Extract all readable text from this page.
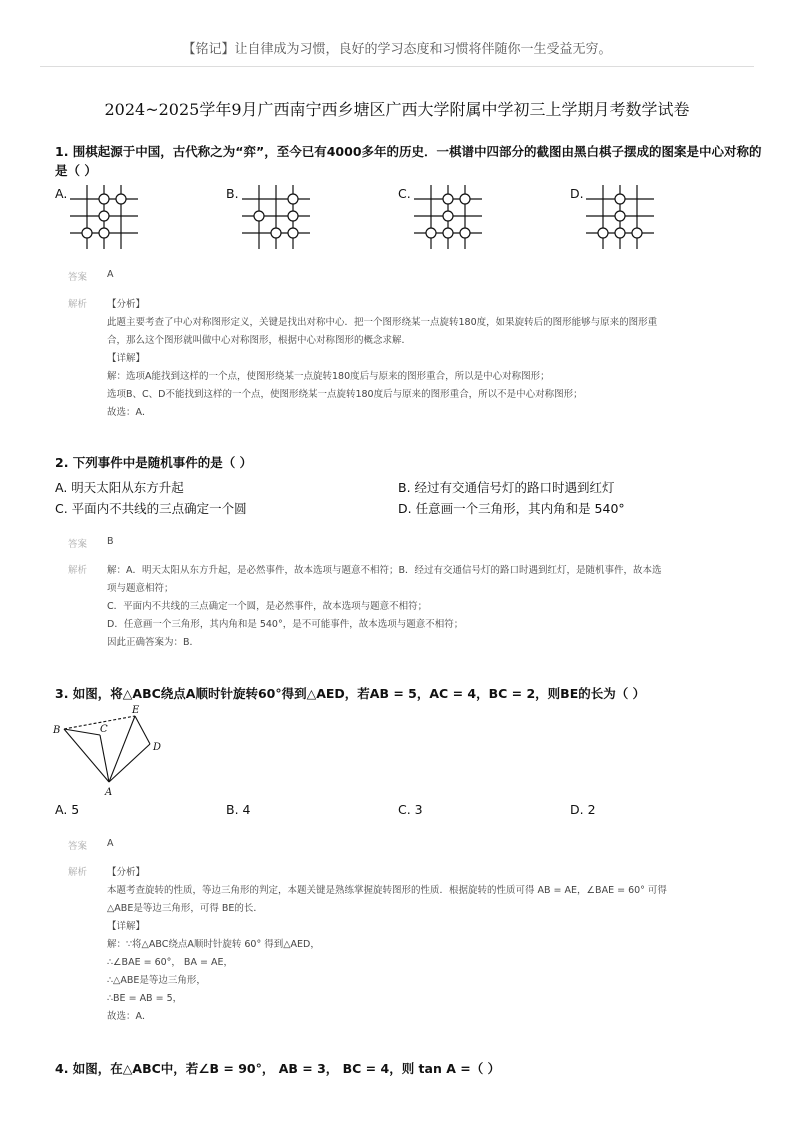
【铭记】让自律成为习惯，良好的学习态度和习惯将伴随你一生受益无穷。
2024~2025学年9月广西南宁西乡塘区广西大学附属中学初三上学期月考数学试卷
1. 围棋起源于中国，古代称之为“弈”，至今已有4000多年的历史．一棋谱中四部分的截图由黑白棋子摆成的图案是中心对称的
是（ ）
A.	B.	C.	D.
答案 A
解析 【分析】
此题主要考查了中心对称图形定义，关键是找出对称中心．把一个图形绕某一点旋转180度，如果旋转后的图形能够与原来的图形重
合，那么这个图形就叫做中心对称图形，根据中心对称图形的概念求解．
【详解】
解：选项A能找到这样的一个点，使图形绕某一点旋转180度后与原来的图形重合，所以是中心对称图形；
选项B、C、D不能找到这样的一个点，使图形绕某一点旋转180度后与原来的图形重合，所以不是中心对称图形；
故选：A．
2. 下列事件中是随机事件的是（ ）
A. 明天太阳从东方升起	B. 经过有交通信号灯的路口时遇到红灯
C. 平面内不共线的三点确定一个圆	D. 任意画一个三角形，其内角和是 540°
答案 B
解析 解：A．明天太阳从东方升起，是必然事件，故本选项与题意不相符；B．经过有交通信号灯的路口时遇到红灯，是随机事件，故本选
项与题意相符；
C．平面内不共线的三点确定一个圆，是必然事件，故本选项与题意不相符；
D．任意画一个三角形，其内角和是 540°，是不可能事件，故本选项与题意不相符；
因此正确答案为：B．
3. 如图，将△ABC绕点A顺时针旋转60°得到△AED，若AB = 5，AC = 4，BC = 2，则BE的长为（ ）
B	C
E
D
A
A. 5	B. 4	C. 3	D. 2
答案 A
解析 【分析】
本题考查旋转的性质，等边三角形的判定，本题关键是熟练掌握旋转图形的性质．根据旋转的性质可得 AB = AE，∠BAE = 60° 可得
△ABE是等边三角形，可得 BE的长．
【详解】
解：∵将△ABC绕点A顺时针旋转 60° 得到△AED，
∴∠BAE = 60°， BA = AE，
∴△ABE是等边三角形，
∴BE = AB = 5，
故选：A．
4. 如图，在△ABC中，若∠B = 90°， AB = 3， BC = 4，则 tan A =（ ）
